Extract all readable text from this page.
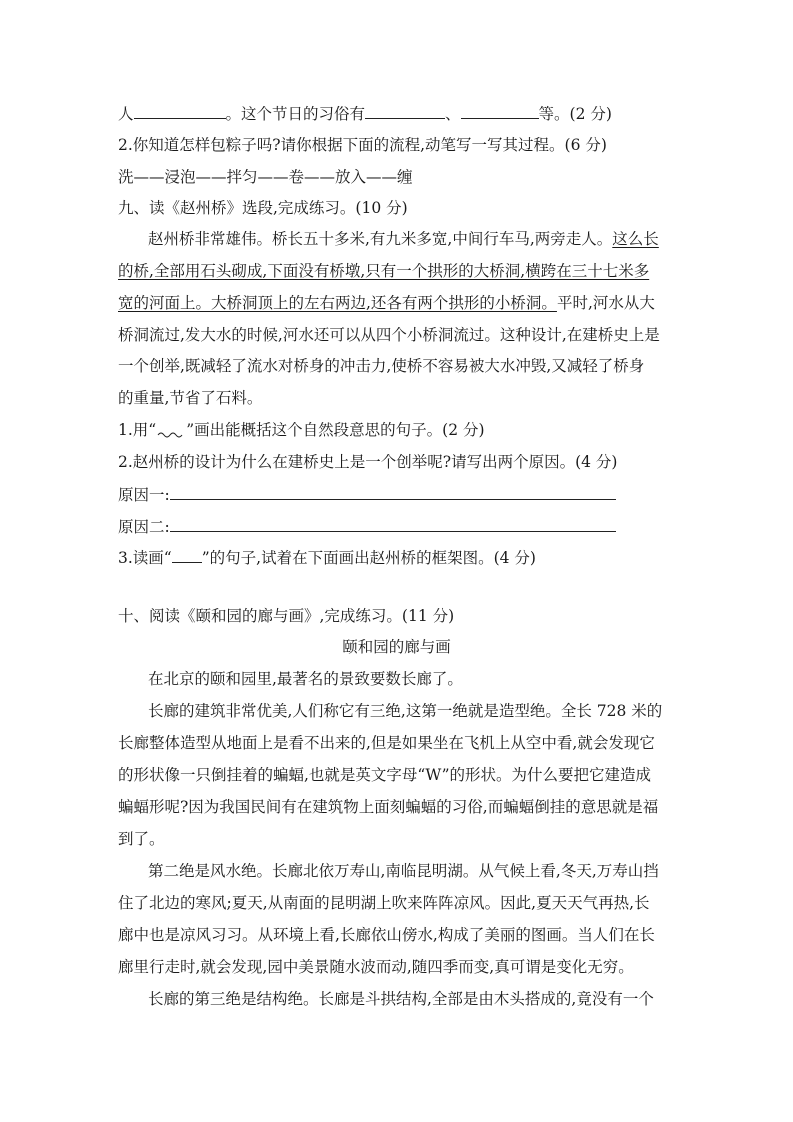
人	。这个节日的习俗有	、	等。(2 分)
2.你知道怎样包粽子吗?请你根据下面的流程,动笔写一写其过程。(6 分)
洗——浸泡——拌匀——卷——放入——缠
九、读《赵州桥》选段,完成练习。(10 分)
赵州桥非常雄伟。桥长五十多米,有九米多宽,中间行车马,两旁走人。这么长
的桥,全部用石头砌成,下面没有桥墩,只有一个拱形的大桥洞,横跨在三十七米多
宽的河面上。大桥洞顶上的左右两边,还各有两个拱形的小桥洞。平时,河水从大
桥洞流过,发大水的时候,河水还可以从四个小桥洞流过。这种设计,在建桥史上是
一个创举,既减轻了流水对桥身的冲击力,使桥不容易被大水冲毁,又减轻了桥身
的重量,节省了石料。
1.用“ ”画出能概括这个自然段意思的句子。(2 分)
2.赵州桥的设计为什么在建桥史上是一个创举呢?请写出两个原因。(4 分)
原因一:
原因二:
3.读画“ ”的句子,试着在下面画出赵州桥的框架图。(4 分)
十、阅读《颐和园的廊与画》,完成练习。(11 分)
颐和园的廊与画
在北京的颐和园里,最著名的景致要数长廊了。
长廊的建筑非常优美,人们称它有三绝,这第一绝就是造型绝。全长 728 米的
长廊整体造型从地面上是看不出来的,但是如果坐在飞机上从空中看,就会发现它
的形状像一只倒挂着的蝙蝠,也就是英文字母“W”的形状。为什么要把它建造成
蝙蝠形呢?因为我国民间有在建筑物上面刻蝙蝠的习俗,而蝙蝠倒挂的意思就是福
到了。
第二绝是风水绝。长廊北依万寿山,南临昆明湖。从气候上看,冬天,万寿山挡
住了北边的寒风;夏天,从南面的昆明湖上吹来阵阵凉风。因此,夏天天气再热,长
廊中也是凉风习习。从环境上看,长廊依山傍水,构成了美丽的图画。当人们在长
廊里行走时,就会发现,园中美景随水波而动,随四季而变,真可谓是变化无穷。
长廊的第三绝是结构绝。长廊是斗拱结构,全部是由木头搭成的,竟没有一个
